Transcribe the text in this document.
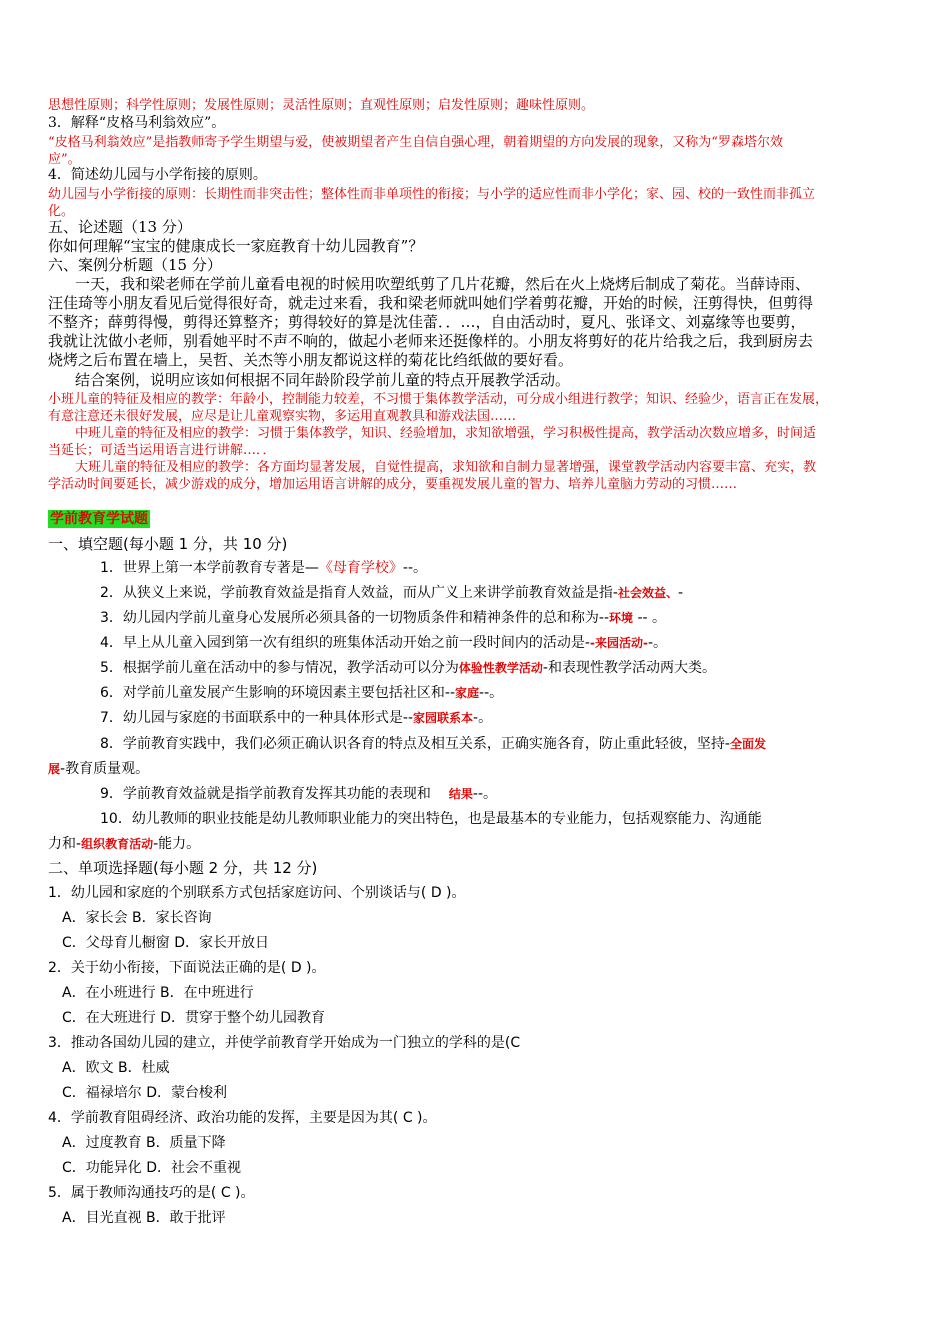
思想性原则；科学性原则；发展性原则；灵活性原则；直观性原则；启发性原则；趣味性原则。
3．解释“皮格马利翁效应”。
“皮格马利翁效应”是指教师寄予学生期望与爱，使被期望者产生自信自强心理，朝着期望的方向发展的现象，又称为“罗森塔尔效
应”。
4．简述幼儿园与小学衔接的原则。
幼儿园与小学衔接的原则：长期性而非突击性；整体性而非单项性的衔接；与小学的适应性而非小学化；家、园、校的一致性而非孤立
化。
五、论述题（13 分）
你如何理解“宝宝的健康成长一家庭教育十幼儿园教育”？
六、案例分析题（15 分）
一天，我和梁老师在学前儿童看电视的时候用吹塑纸剪了几片花瓣，然后在火上烧烤后制成了菊花。当薛诗雨、
汪佳琦等小朋友看见后觉得很好奇，就走过来看，我和梁老师就叫她们学着剪花瓣，开始的时候，汪剪得快，但剪得
不整齐；薛剪得慢，剪得还算整齐；剪得较好的算是沈佳蕾．．…，自由活动时，夏凡、张译文、刘嘉缘等也要剪，
我就让沈做小老师，别看她平时不声不响的，做起小老师来还挺像样的。小朋友将剪好的花片给我之后，我到厨房去
烧烤之后布置在墙上，吴哲、关杰等小朋友都说这样的菊花比绉纸做的要好看。
结合案例，说明应该如何根据不同年龄阶段学前儿童的特点开展教学活动。
小班儿童的特征及相应的教学：年龄小，控制能力较差，不习惯于集体教学活动，可分成小组进行教学；知识、经验少，语言正在发展，
有意注意还未很好发展，应尽是让儿童观察实物，多运用直观教具和游戏法国……
中班儿童的特征及相应的教学：习惯于集体教学，知识、经验增加，求知欲增强，学习积极性提高，教学活动次数应增多，时间适
当延长；可适当运用语言进行讲解…．．
大班儿童的特征及相应的教学：各方面均显著发展，自觉性提高，求知欲和自制力显著增强，课堂教学活动内容要丰富、充实，教
学活动时间要延长，减少游戏的成分，增加运用语言讲解的成分，要重视发展儿童的智力、培养儿童脑力劳动的习惯……
学前教育学试题
一、填空题(每小题 1 分，共 10 分)
1．世界上第一本学前教育专著是—《母育学校》--。
2．从狭义上来说，学前教育效益是指育人效益，而从广义上来讲学前教育效益是指-社会效益、-
3．幼儿园内学前儿童身心发展所必须具备的一切物质条件和精神条件的总和称为--环境 -- 。
4．早上从儿童入园到第一次有组织的班集体活动开始之前一段时间内的活动是--来园活动--。
5．根据学前儿童在活动中的参与情况，教学活动可以分为体验性教学活动-和表现性教学活动两大类。
6．对学前儿童发展产生影响的环境因素主要包括社区和--家庭--。
7．幼儿园与家庭的书面联系中的一种具体形式是--家园联系本-。
8．学前教育实践中，我们必须正确认识各育的特点及相互关系，正确实施各育，防止重此轻彼，坚持-全面发
展-教育质量观。
9．学前教育效益就是指学前教育发挥其功能的表现和 结果--。
10．幼儿教师的职业技能是幼儿教师职业能力的突出特色，也是最基本的专业能力，包括观察能力、沟通能
力和-组织教育活动-能力。
二、单项选择题(每小题 2 分，共 12 分)
1．幼儿园和家庭的个别联系方式包括家庭访问、个别谈话与( D )。
A．家长会 B．家长咨询
C．父母育儿橱窗 D．家长开放日
2．关于幼小衔接，下面说法正确的是( D )。
A．在小班进行 B．在中班进行
C．在大班进行 D．贯穿于整个幼儿园教育
3．推动各国幼儿园的建立，并使学前教育学开始成为一门独立的学科的是(C
A．欧文 B．杜威
C．福禄培尔 D．蒙台梭利
4．学前教育阻碍经济、政治功能的发挥，主要是因为其( C )。
A．过度教育 B．质量下降
C．功能异化 D．社会不重视
5．属于教师沟通技巧的是( C )。
A．目光直视 B．敢于批评
